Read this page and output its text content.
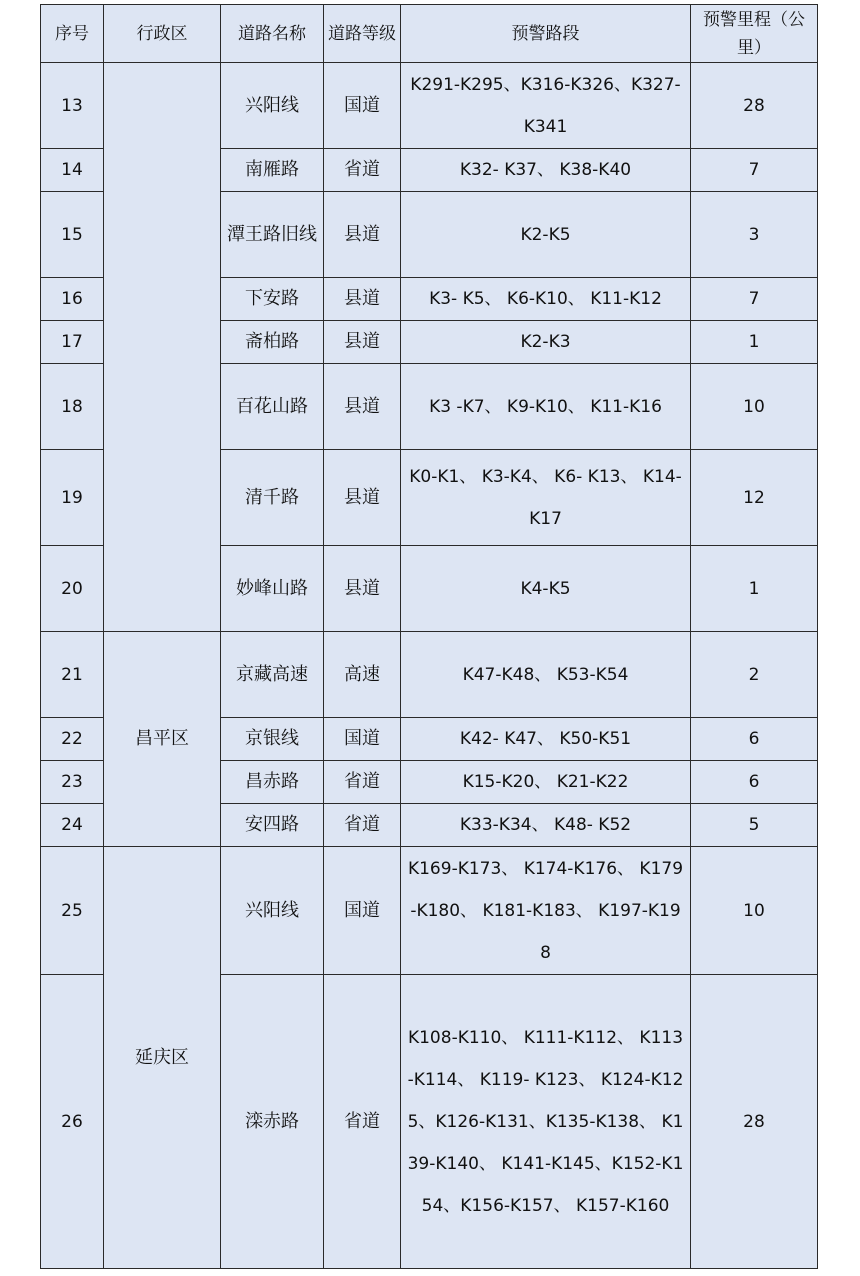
序号	行政区	道路名称	道路等级	预警路段	预警里程（公里）
13		兴阳线	国道	K291-K295、K316-K326、K327-K341	28
14		南雁路	省道	K32- K37、 K38-K40	7
15		潭王路旧线	县道	K2-K5	3
16		下安路	县道	K3- K5、 K6-K10、 K11-K12	7
17		斋柏路	县道	K2-K3	1
18		百花山路	县道	K3 -K7、 K9-K10、 K11-K16	10
19		清千路	县道	K0-K1、 K3-K4、 K6- K13、 K14-K17	12
20		妙峰山路	县道	K4-K5	1
21	昌平区	京藏高速	高速	K47-K48、 K53-K54	2
22		京银线	国道	K42- K47、 K50-K51	6
23		昌赤路	省道	K15-K20、 K21-K22	6
24		安四路	省道	K33-K34、 K48- K52	5
25	延庆区	兴阳线	国道	K169-K173、 K174-K176、 K179-K180、 K181-K183、 K197-K198	10
26		滦赤路	省道	K108-K110、 K111-K112、 K113-K114、 K119- K123、 K124-K125、K126-K131、K135-K138、 K139-K140、 K141-K145、K152-K154、K156-K157、 K157-K160	28
